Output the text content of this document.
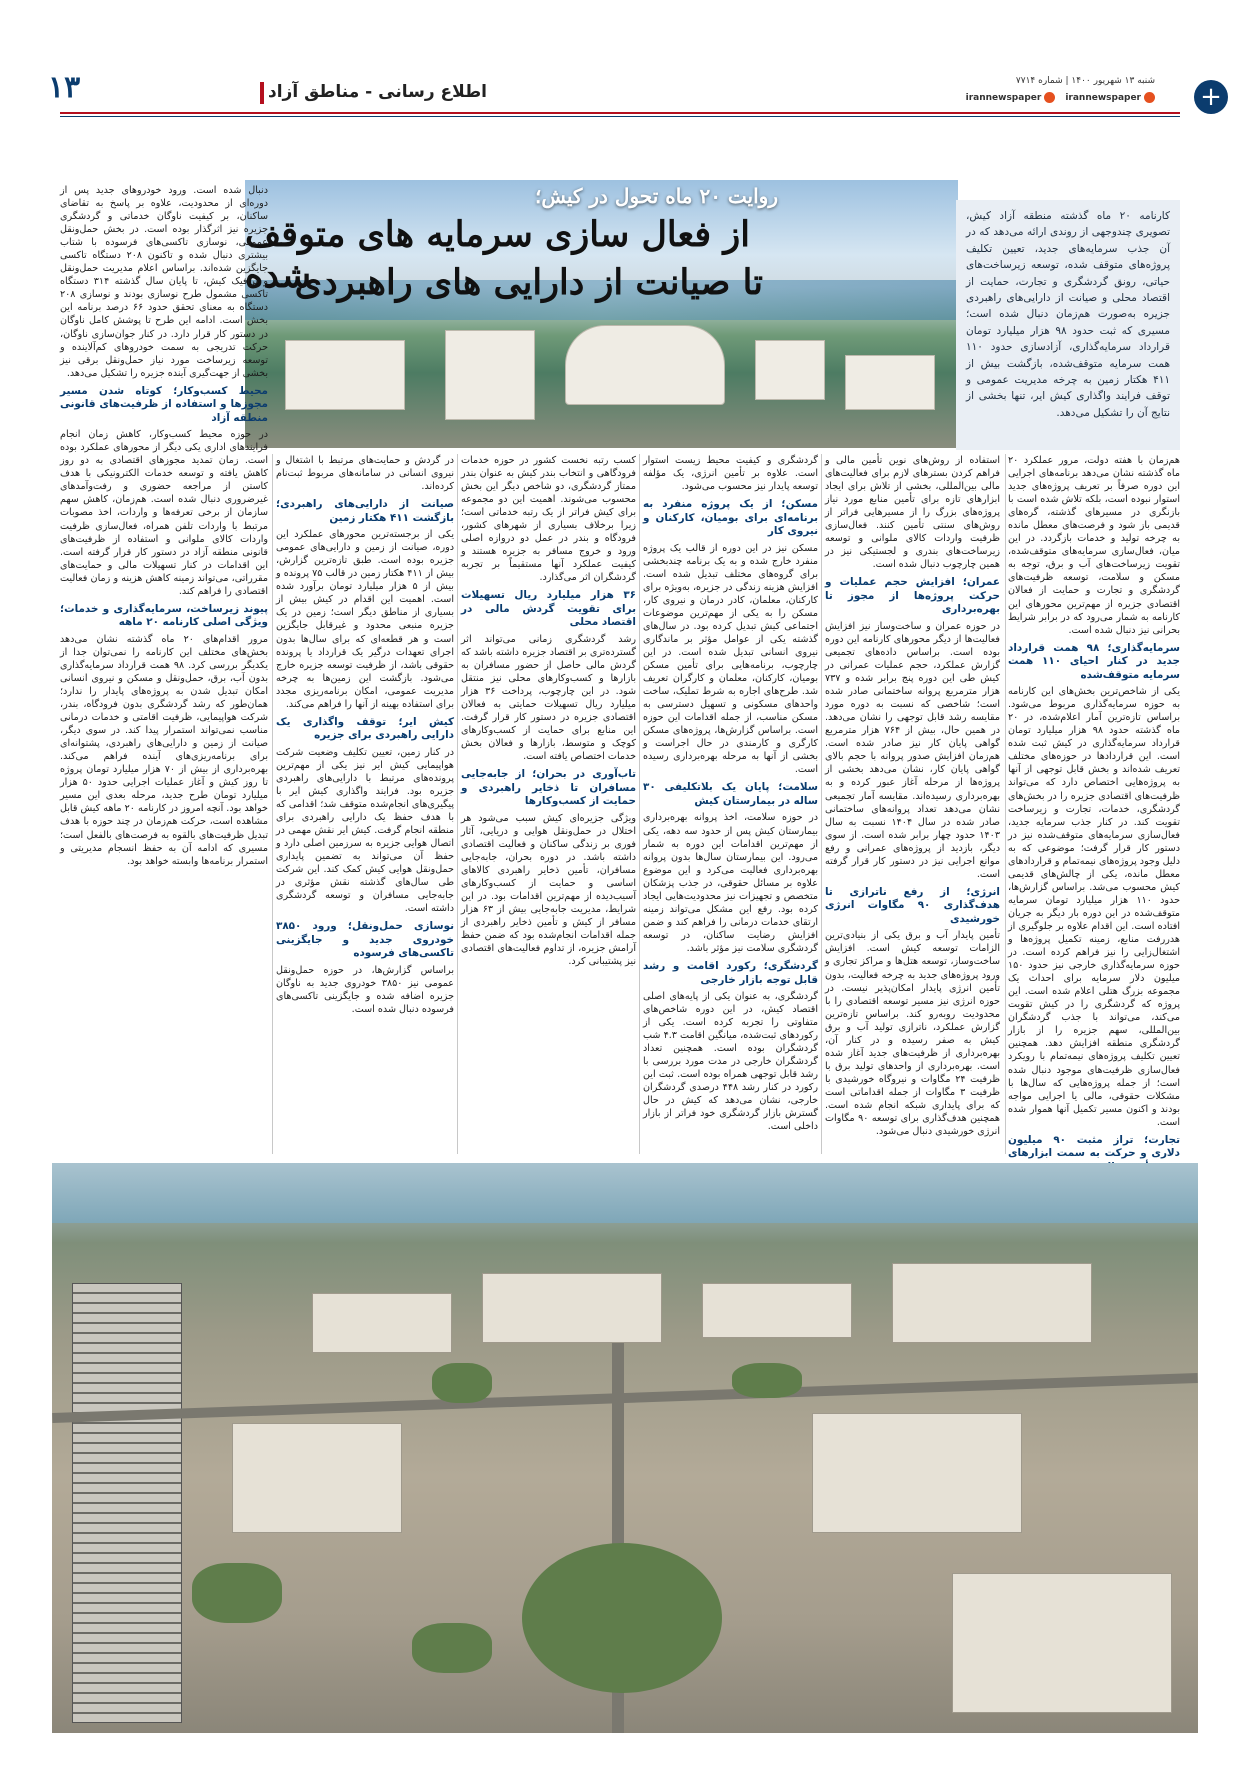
۱۳	اطلاع رسانی - مناطق آزاد
شنبه ۱۳ شهریور ۱۴۰۰ | شماره ۷۷۱۴
irannewspaper
irannewspaper	+
روایت ۲۰ ماه تحول در کیش؛
از فعال سازی سرمایه های متوقف شده
تا صیانت از دارایی های راهبردی
کارنامه ۲۰ ماه گذشته منطقه آزاد کیش، تصویری چندوجهی از روندی ارائه می‌دهد که در آن جذب سرمایه‌های جدید، تعیین تکلیف پروژه‌های متوقف شده، توسعه زیرساخت‌های حیاتی، رونق گردشگری و تجارت، حمایت از اقتصاد محلی و صیانت از دارایی‌های راهبردی جزیره به‌صورت هم‌زمان دنبال شده است؛ مسیری که ثبت حدود ۹۸ هزار میلیارد تومان قرارداد سرمایه‌گذاری، آزادسازی حدود ۱۱۰ همت سرمایه متوقف‌شده، بازگشت بیش از ۴۱۱ هکتار زمین به چرخه مدیریت عمومی و توقف فرایند واگذاری کیش ایر، تنها بخشی از نتایج آن را تشکیل می‌دهد.

هم‌زمان با هفته دولت، مرور عملکرد ۲۰ ماه گذشته نشان می‌دهد برنامه‌های اجرایی این دوره صرفاً بر تعریف پروژه‌های جدید استوار نبوده است، بلکه تلاش شده است با بازنگری در مسیرهای گذشته، گره‌های قدیمی باز شود و فرصت‌های معطل مانده به چرخه تولید و خدمات بازگردد. در این میان، فعال‌سازی سرمایه‌های متوقف‌شده، تقویت زیرساخت‌های آب و برق، توجه به مسکن و سلامت، توسعه ظرفیت‌های گردشگری و تجارت و حمایت از فعالان اقتصادی جزیره از مهم‌ترین محورهای این کارنامه به شمار می‌رود که در برابر شرایط بحرانی نیز دنبال شده است.

سرمایه‌گذاری؛ ۹۸ همت قرارداد جدید در کنار احیای ۱۱۰ همت سرمایه متوقف‌شده

یکی از شاخص‌ترین بخش‌های این کارنامه به حوزه سرمایه‌گذاری مربوط می‌شود. براساس تازه‌ترین آمار اعلام‌شده، در ۲۰ ماه گذشته حدود ۹۸ هزار میلیارد تومان قرارداد سرمایه‌گذاری در کیش ثبت شده است. این قراردادها در حوزه‌های مختلف تعریف شده‌اند و بخش قابل توجهی از آنها به پروژه‌هایی اختصاص دارد که می‌تواند ظرفیت‌های اقتصادی جزیره را در بخش‌های گردشگری، خدمات، تجارت و زیرساخت تقویت کند. در کنار جذب سرمایه جدید، فعال‌سازی سرمایه‌های متوقف‌شده نیز در دستور کار قرار گرفت؛ موضوعی که به دلیل وجود پروژه‌های نیمه‌تمام و قراردادهای معطل مانده، یکی از چالش‌های قدیمی کیش محسوب می‌شد. براساس گزارش‌ها، حدود ۱۱۰ هزار میلیارد تومان سرمایه متوقف‌شده در این دوره بار دیگر به جریان افتاده است. این اقدام علاوه بر جلوگیری از هدررفت منابع، زمینه تکمیل پروژه‌ها و اشتغال‌زایی را نیز فراهم کرده است. در حوزه سرمایه‌گذاری خارجی نیز حدود ۱۵۰ میلیون دلار سرمایه برای احداث یک مجموعه بزرگ هتلی اعلام شده است. این پروژه که گردشگری را در کیش تقویت می‌کند، می‌تواند با جذب گردشگران بین‌المللی، سهم جزیره را از بازار گردشگری منطقه افزایش دهد. همچنین تعیین تکلیف پروژه‌های نیمه‌تمام با رویکرد فعال‌سازی ظرفیت‌های موجود دنبال شده است؛ از جمله پروژه‌هایی که سال‌ها با مشکلات حقوقی، مالی یا اجرایی مواجه بودند و اکنون مسیر تکمیل آنها هموار شده است.

تجارت؛ تراز مثبت ۹۰ میلیون دلاری و حرکت به سمت ابزارهای

استفاده از روش‌های نوین تأمین مالی و فراهم کردن بسترهای لازم برای فعالیت‌های مالی بین‌المللی، بخشی از تلاش برای ایجاد ابزارهای تازه برای تأمین منابع مورد نیاز پروژه‌های بزرگ را از مسیرهایی فراتر از روش‌های سنتی تأمین کنند. فعال‌سازی ظرفیت واردات کالای ملوانی و توسعه زیرساخت‌های بندری و لجستیکی نیز در همین چارچوب دنبال شده است.

عمران؛ افزایش حجم عملیات و حرکت پروژه‌ها از مجوز تا بهره‌برداری

در حوزه عمران و ساخت‌وساز نیز افزایش فعالیت‌ها از دیگر محورهای کارنامه این دوره بوده است. براساس داده‌های تجمیعی گزارش عملکرد، حجم عملیات عمرانی در کیش طی این دوره پنج برابر شده و ۷۳۷ هزار مترمربع پروانه ساختمانی صادر شده است؛ شاخصی که نسبت به دوره مورد مقایسه رشد قابل توجهی را نشان می‌دهد. در همین حال، بیش از ۷۶۴ هزار مترمربع گواهی پایان کار نیز صادر شده است. هم‌زمان افزایش صدور پروانه با حجم بالای گواهی پایان کار، نشان می‌دهد بخشی از پروژه‌ها از مرحله آغاز عبور کرده و به بهره‌برداری رسیده‌اند. مقایسه آمار تجمیعی نشان می‌دهد تعداد پروانه‌های ساختمانی صادر شده در سال ۱۴۰۴ نسبت به سال ۱۴۰۳ حدود چهار برابر شده است. از سوی دیگر، بازدید از پروژه‌های عمرانی و رفع موانع اجرایی نیز در دستور کار قرار گرفته است.

انرژی؛ از رفع ناترازی تا هدف‌گذاری ۹۰ مگاوات انرژی خورشیدی

تأمین پایدار آب و برق یکی از بنیادی‌ترین الزامات توسعه کیش است. افزایش ساخت‌وساز، توسعه هتل‌ها و مراکز تجاری و ورود پروژه‌های جدید به چرخه فعالیت، بدون تأمین انرژی پایدار امکان‌پذیر نیست. در حوزه انرژی نیز مسیر توسعه اقتصادی را با محدودیت روبه‌رو کند. براساس تازه‌ترین گزارش عملکرد، ناترازی تولید آب و برق کیش به صفر رسیده و در کنار آن، بهره‌برداری از ظرفیت‌های جدید آغاز شده است. بهره‌برداری از واحدهای تولید برق با ظرفیت ۲۴ مگاوات و نیروگاه خورشیدی با ظرفیت ۳ مگاوات از جمله اقداماتی است که برای پایداری شبکه انجام شده است. همچنین هدف‌گذاری برای توسعه ۹۰ مگاوات انرژی خورشیدی دنبال می‌شود.

گردشگری و کیفیت محیط زیست استوار است. علاوه بر تأمین انرژی، یک مؤلفه توسعه پایدار نیز محسوب می‌شود.

مسکن؛ از یک پروژه منفرد به برنامه‌ای برای بومیان، کارکنان و نیروی کار

مسکن نیز در این دوره از قالب یک پروژه منفرد خارج شده و به یک برنامه چندبخشی برای گروه‌های مختلف تبدیل شده است. افزایش هزینه زندگی در جزیره، به‌ویژه برای کارکنان، معلمان، کادر درمان و نیروی کار، مسکن را به یکی از مهم‌ترین موضوعات اجتماعی کیش تبدیل کرده بود. در سال‌های گذشته یکی از عوامل مؤثر بر ماندگاری نیروی انسانی تبدیل شده است. در این چارچوب، برنامه‌هایی برای تأمین مسکن بومیان، کارکنان، معلمان و کارگران تعریف شد. طرح‌های اجاره به شرط تملیک، ساخت واحدهای مسکونی و تسهیل دسترسی به مسکن مناسب، از جمله اقدامات این حوزه است. براساس گزارش‌ها، پروژه‌های مسکن کارگری و کارمندی در حال اجراست و بخشی از آنها به مرحله بهره‌برداری رسیده است.

سلامت؛ پایان یک بلاتکلیفی ۳۰ ساله در بیمارستان کیش

در حوزه سلامت، اخذ پروانه بهره‌برداری بیمارستان کیش پس از حدود سه دهه، یکی از مهم‌ترین اقدامات این دوره به شمار می‌رود. این بیمارستان سال‌ها بدون پروانه بهره‌برداری فعالیت می‌کرد و این موضوع علاوه بر مسائل حقوقی، در جذب پزشکان متخصص و تجهیزات نیز محدودیت‌هایی ایجاد کرده بود. رفع این مشکل می‌تواند زمینه ارتقای خدمات درمانی را فراهم کند و ضمن افزایش رضایت ساکنان، در توسعه گردشگری سلامت نیز مؤثر باشد.

گردشگری؛ رکورد اقامت و رشد قابل توجه بازار خارجی

گردشگری، به عنوان یکی از پایه‌های اصلی اقتصاد کیش، در این دوره شاخص‌های متفاوتی را تجربه کرده است. یکی از رکوردهای ثبت‌شده، میانگین اقامت ۴.۳ شب گردشگران بوده است. همچنین تعداد گردشگران خارجی در مدت مورد بررسی با رشد قابل توجهی همراه بوده است. ثبت این رکورد در کنار رشد ۴۴۸ درصدی گردشگران خارجی، نشان می‌دهد که کیش در حال گسترش بازار گردشگری خود فراتر از بازار داخلی است.

کسب رتبه نخست کشور در حوزه خدمات فرودگاهی و انتخاب بندر کیش به عنوان بندر ممتاز گردشگری، دو شاخص دیگر این بخش محسوب می‌شوند. اهمیت این دو مجموعه برای کیش فراتر از یک رتبه خدماتی است؛ زیرا برخلاف بسیاری از شهرهای کشور، فرودگاه و بندر در عمل دو دروازه اصلی ورود و خروج مسافر به جزیره هستند و کیفیت عملکرد آنها مستقیماً بر تجربه گردشگران اثر می‌گذارد.

۳۶ هزار میلیارد ریال تسهیلات برای تقویت گردش مالی در اقتصاد محلی

رشد گردشگری زمانی می‌تواند اثر گسترده‌تری بر اقتصاد جزیره داشته باشد که گردش مالی حاصل از حضور مسافران به بازارها و کسب‌وکارهای محلی نیز منتقل شود. در این چارچوب، پرداخت ۳۶ هزار میلیارد ریال تسهیلات حمایتی به فعالان اقتصادی جزیره در دستور کار قرار گرفت. این منابع برای حمایت از کسب‌وکارهای کوچک و متوسط، بازارها و فعالان بخش خدمات اختصاص یافته است.

تاب‌آوری در بحران؛ از جابه‌جایی مسافران تا ذخایر راهبردی و حمایت از کسب‌وکارها

ویژگی جزیره‌ای کیش سبب می‌شود هر اختلال در حمل‌ونقل هوایی و دریایی، آثار فوری بر زندگی ساکنان و فعالیت اقتصادی داشته باشد. در دوره بحران، جابه‌جایی مسافران، تأمین ذخایر راهبردی کالاهای اساسی و حمایت از کسب‌وکارهای آسیب‌دیده از مهم‌ترین اقدامات بود. در این شرایط، مدیریت جابه‌جایی بیش از ۶۳ هزار مسافر از کیش و تأمین ذخایر راهبردی از جمله اقدامات انجام‌شده بود که ضمن حفظ آرامش جزیره، از تداوم فعالیت‌های اقتصادی نیز پشتیبانی کرد.

در گردش و حمایت‌های مرتبط با اشتغال و نیروی انسانی در سامانه‌های مربوط ثبت‌نام کرده‌اند.

صیانت از دارایی‌های راهبردی؛ بازگشت ۴۱۱ هکتار زمین

یکی از برجسته‌ترین محورهای عملکرد این دوره، صیانت از زمین و دارایی‌های عمومی جزیره بوده است. طبق تازه‌ترین گزارش، بیش از ۴۱۱ هکتار زمین در قالب ۷۵ پرونده و بیش از ۵ هزار میلیارد تومان برآورد شده است. اهمیت این اقدام در کیش بیش از بسیاری از مناطق دیگر است؛ زمین در یک جزیره منبعی محدود و غیرقابل جایگزین است و هر قطعه‌ای که برای سال‌ها بدون اجرای تعهدات درگیر یک قرارداد یا پرونده حقوقی باشد، از ظرفیت توسعه جزیره خارج می‌شود. بازگشت این زمین‌ها به چرخه مدیریت عمومی، امکان برنامه‌ریزی مجدد برای استفاده بهینه از آنها را فراهم می‌کند.

کیش ایر؛ توقف واگذاری یک دارایی راهبردی برای جزیره

در کنار زمین، تعیین تکلیف وضعیت شرکت هواپیمایی کیش ایر نیز یکی از مهم‌ترین پرونده‌های مرتبط با دارایی‌های راهبردی جزیره بود. فرایند واگذاری کیش ایر با پیگیری‌های انجام‌شده متوقف شد؛ اقدامی که با هدف حفظ یک دارایی راهبردی برای منطقه انجام گرفت. کیش ایر نقش مهمی در اتصال هوایی جزیره به سرزمین اصلی دارد و حفظ آن می‌تواند به تضمین پایداری حمل‌ونقل هوایی کیش کمک کند. این شرکت طی سال‌های گذشته نقش مؤثری در جابه‌جایی مسافران و توسعه گردشگری داشته است.

نوسازی حمل‌ونقل؛ ورود ۳۸۵۰ خودروی جدید و جایگزینی تاکسی‌های فرسوده

براساس گزارش‌ها، در حوزه حمل‌ونقل عمومی نیز ۳۸۵۰ خودروی جدید به ناوگان جزیره اضافه شده و جایگزینی تاکسی‌های فرسوده دنبال شده است.

دنبال شده است. ورود خودروهای جدید پس از دوره‌ای از محدودیت، علاوه بر پاسخ به تقاضای ساکنان، بر کیفیت ناوگان خدماتی و گردشگری جزیره نیز اثرگذار بوده است. در بخش حمل‌ونقل عمومی، نوسازی تاکسی‌های فرسوده با شتاب بیشتری دنبال شده و تاکنون ۲۰۸ دستگاه تاکسی جایگزین شده‌اند. براساس اعلام مدیریت حمل‌ونقل و ترافیک کیش، تا پایان سال گذشته ۳۱۴ دستگاه تاکسی مشمول طرح نوسازی بودند و نوسازی ۲۰۸ دستگاه به معنای تحقق حدود ۶۶ درصد برنامه این بخش است. ادامه این طرح تا پوشش کامل ناوگان در دستور کار قرار دارد. در کنار جوان‌سازی ناوگان، حرکت تدریجی به سمت خودروهای کم‌آلاینده و توسعه زیرساخت مورد نیاز حمل‌ونقل برقی نیز بخشی از جهت‌گیری آینده جزیره را تشکیل می‌دهد.

محیط کسب‌وکار؛ کوتاه شدن مسیر مجوزها و استفاده از ظرفیت‌های قانونی منطقه آزاد

در حوزه محیط کسب‌وکار، کاهش زمان انجام فرایندهای اداری یکی دیگر از محورهای عملکرد بوده است. زمان تمدید مجوزهای اقتصادی به دو روز کاهش یافته و توسعه خدمات الکترونیکی با هدف کاستن از مراجعه حضوری و رفت‌وآمدهای غیرضروری دنبال شده است. هم‌زمان، کاهش سهم سازمان از برخی تعرفه‌ها و واردات، اخذ مصوبات مرتبط با واردات تلفن همراه، فعال‌سازی ظرفیت واردات کالای ملوانی و استفاده از ظرفیت‌های قانونی منطقه آزاد در دستور کار قرار گرفته است. این اقدامات در کنار تسهیلات مالی و حمایت‌های مقرراتی، می‌تواند زمینه کاهش هزینه و زمان فعالیت اقتصادی را فراهم کند.

پیوند زیرساخت، سرمایه‌گذاری و خدمات؛ ویژگی اصلی کارنامه ۲۰ ماهه

مرور اقدام‌های ۲۰ ماه گذشته نشان می‌دهد بخش‌های مختلف این کارنامه را نمی‌توان جدا از یکدیگر بررسی کرد. ۹۸ همت قرارداد سرمایه‌گذاری بدون آب، برق، حمل‌ونقل و مسکن و نیروی انسانی امکان تبدیل شدن به پروژه‌های پایدار را ندارد؛ همان‌طور که رشد گردشگری بدون فرودگاه، بندر، شرکت هواپیمایی، ظرفیت اقامتی و خدمات درمانی مناسب نمی‌تواند استمرار پیدا کند. در سوی دیگر، صیانت از زمین و دارایی‌های راهبردی، پشتوانه‌ای برای برنامه‌ریزی‌های آینده فراهم می‌کند. بهره‌برداری از بیش از ۷۰ هزار میلیارد تومان پروژه تا روز کیش و آغاز عملیات اجرایی حدود ۵۰ هزار میلیارد تومان طرح جدید، مرحله بعدی این مسیر خواهد بود. آنچه امروز در کارنامه ۲۰ ماهه کیش قابل مشاهده است، حرکت هم‌زمان در چند حوزه با هدف تبدیل ظرفیت‌های بالقوه به فرصت‌های بالفعل است؛ مسیری که ادامه آن به حفظ انسجام مدیریتی و استمرار برنامه‌ها وابسته خواهد بود.
